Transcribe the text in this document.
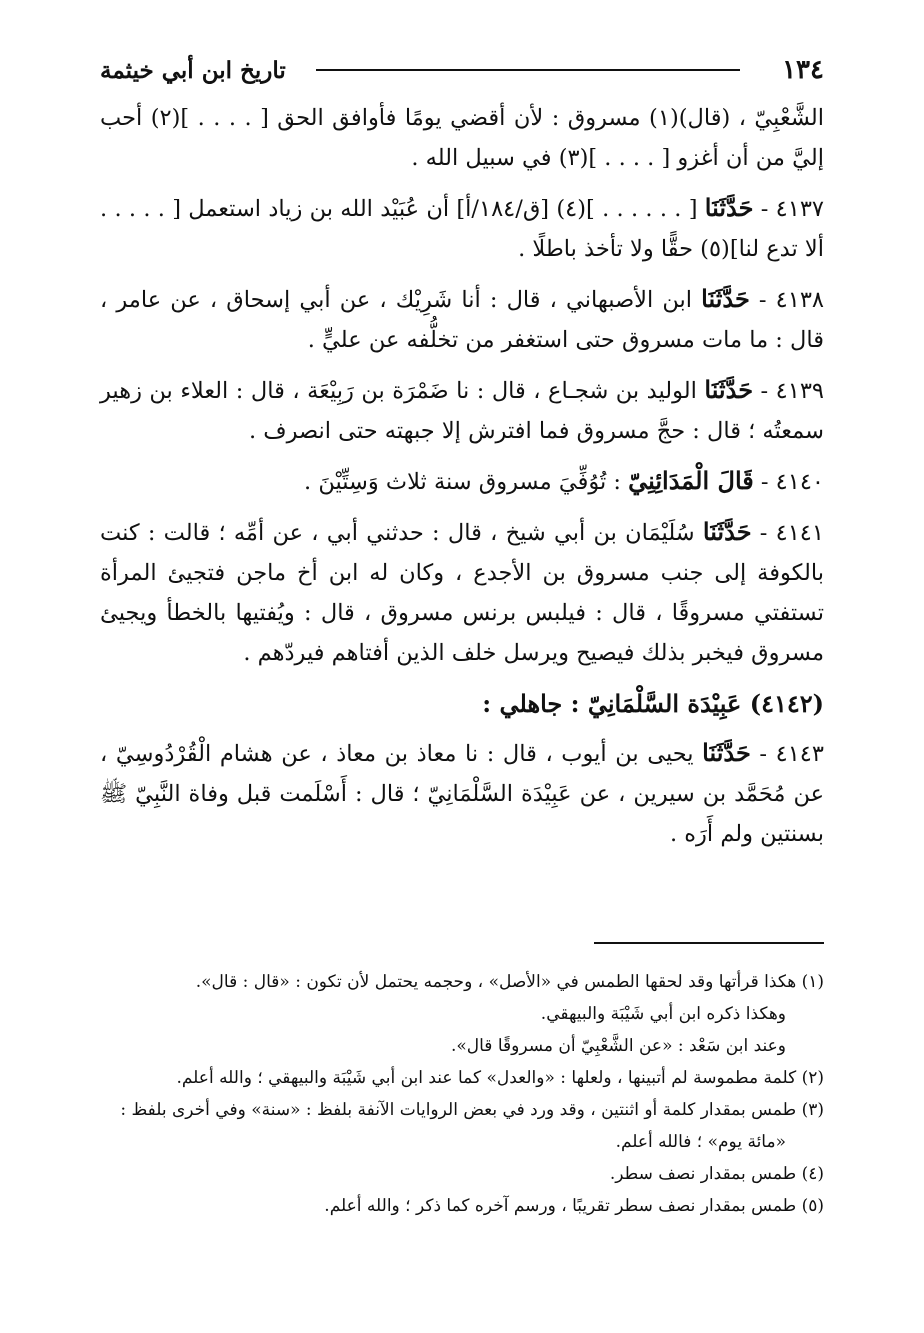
١٣٤
تاريخ ابن أبي خيثمة

الشَّعْبِيّ ، (قال)(١) مسروق : لأن أقضي يومًا فأوافق الحق [ . . . . ](٢) أحب إليَّ من أن أغزو [ . . . . ](٣) في سبيل الله .

٤١٣٧ - حَدَّثَنَا [ . . . . . . ](٤) [ق/١٨٤/أ] أن عُبَيْد الله بن زياد استعمل [ . . . . . ألا تدع لنا](٥) حقًّا ولا تأخذ باطلًا .

٤١٣٨ - حَدَّثَنَا ابن الأصبهاني ، قال : أنا شَرِيْك ، عن أبي إسحاق ، عن عامر ، قال : ما مات مسروق حتى استغفر من تخلُّفه عن عليٍّ .

٤١٣٩ - حَدَّثَنَا الوليد بن شجـاع ، قال : نا ضَمْرَة بن رَبِيْعَة ، قال : العلاء بن زهير سمعتُه ؛ قال : حجَّ مسروق فما افترش إلا جبهته حتى انصرف .

٤١٤٠ - قَالَ الْمَدَائِنِيّ : تُوُفِّيَ مسروق سنة ثلاث وَسِتِّيْنَ .

٤١٤١ - حَدَّثَنَا سُلَيْمَان بن أبي شيخ ، قال : حدثني أبي ، عن أمِّه ؛ قالت : كنت بالكوفة إلى جنب مسروق بن الأجدع ، وكان له ابن أخ ماجن فتجيئ المرأة تستفتي مسروقًا ، قال : فيلبس برنس مسروق ، قال : ويُفتيها بالخطأ ويجيئ مسروق فيخبر بذلك فيصيح ويرسل خلف الذين أفتاهم فيردّهم .

(٤١٤٢) عَبِيْدَة السَّلْمَانِيّ : جاهلي :

٤١٤٣ - حَدَّثَنَا يحيى بن أيوب ، قال : نا معاذ بن معاذ ، عن هشام الْقُرْدُوسِيّ ، عن مُحَمَّد بن سيرين ، عن عَبِيْدَة السَّلْمَانِيّ ؛ قال : أَسْلَمت قبل وفاة النَّبِيّ ﷺ بسنتين ولم أَرَه .

(١) هكذا قرأتها وقد لحقها الطمس في «الأصل» ، وحجمه يحتمل لأن تكون : «قال : قال».
وهكذا ذكره ابن أبي شَيْبَة والبيهقي.
وعند ابن سَعْد : «عن الشَّعْبِيّ أن مسروقًا قال».

(٢) كلمة مطموسة لم أتبينها ، ولعلها : «والعدل» كما عند ابن أبي شَيْبَة والبيهقي ؛ والله أعلم.

(٣) طمس بمقدار كلمة أو اثنتين ، وقد ورد في بعض الروايات الآنفة بلفظ : «سنة» وفي أخرى بلفظ :
«مائة يوم» ؛ فالله أعلم.

(٤) طمس بمقدار نصف سطر.

(٥) طمس بمقدار نصف سطر تقريبًا ، ورسم آخره كما ذكر ؛ والله أعلم.
